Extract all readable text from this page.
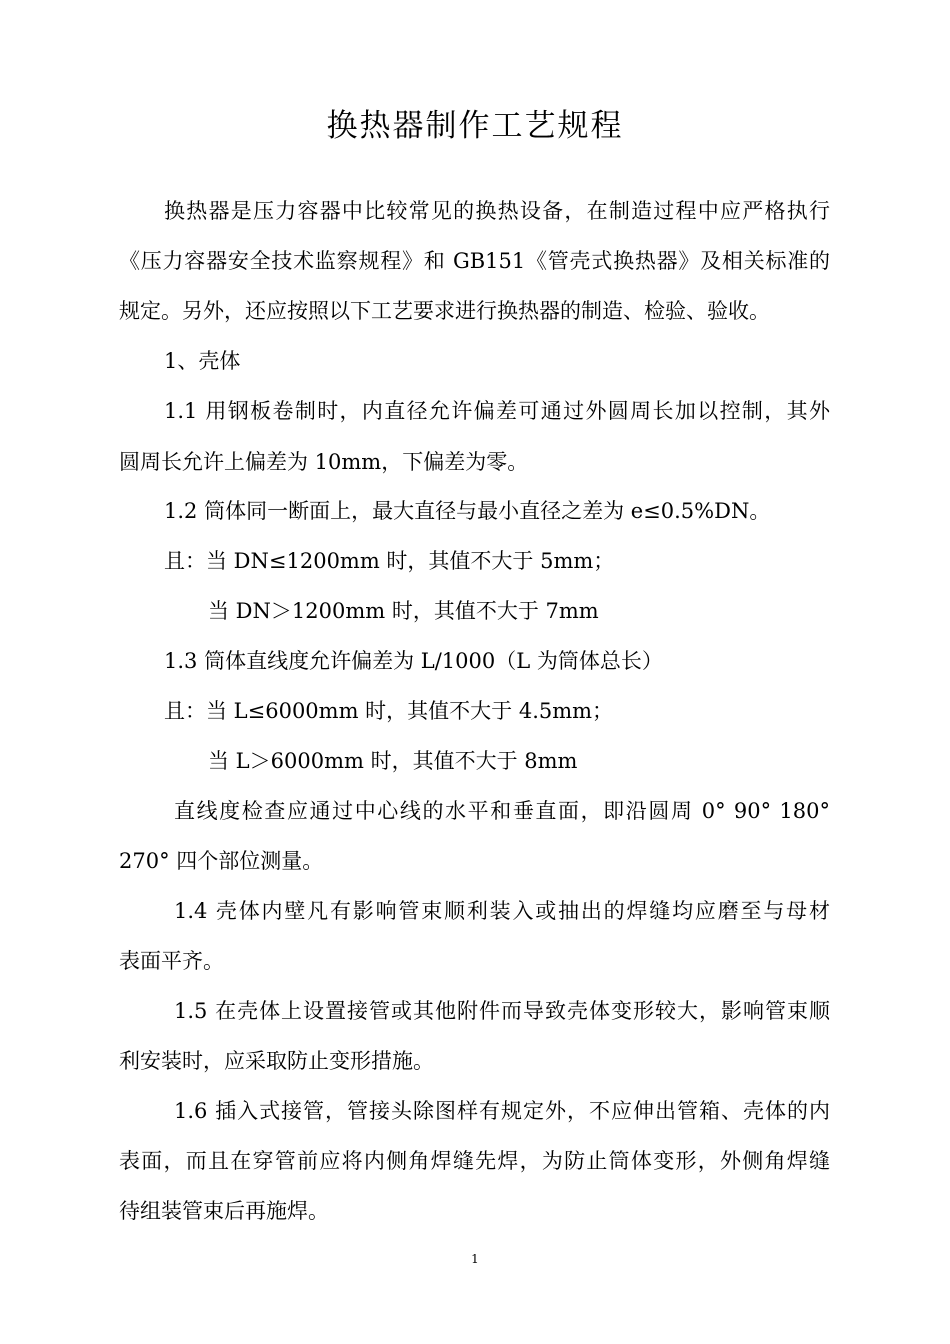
换热器制作工艺规程
换热器是压力容器中比较常见的换热设备，在制造过程中应严格执行
《压力容器安全技术监察规程》和 GB151《管壳式换热器》及相关标准的
规定。另外，还应按照以下工艺要求进行换热器的制造、检验、验收。
1、壳体
1.1 用钢板卷制时，内直径允许偏差可通过外圆周长加以控制，其外
圆周长允许上偏差为 10mm，下偏差为零。
1.2 筒体同一断面上，最大直径与最小直径之差为 e≤0.5%DN。
且：当 DN≤1200mm 时，其值不大于 5mm；
当 DN＞1200mm 时，其值不大于 7mm
1.3 筒体直线度允许偏差为 L/1000（L 为筒体总长）
且：当 L≤6000mm 时，其值不大于 4.5mm；
当 L＞6000mm 时，其值不大于 8mm
直线度检查应通过中心线的水平和垂直面，即沿圆周 0° 90° 180°
270° 四个部位测量。
1.4 壳体内壁凡有影响管束顺利装入或抽出的焊缝均应磨至与母材
表面平齐。
1.5 在壳体上设置接管或其他附件而导致壳体变形较大，影响管束顺
利安装时，应采取防止变形措施。
1.6 插入式接管，管接头除图样有规定外，不应伸出管箱、壳体的内
表面，而且在穿管前应将内侧角焊缝先焊，为防止筒体变形，外侧角焊缝
待组装管束后再施焊。
1
